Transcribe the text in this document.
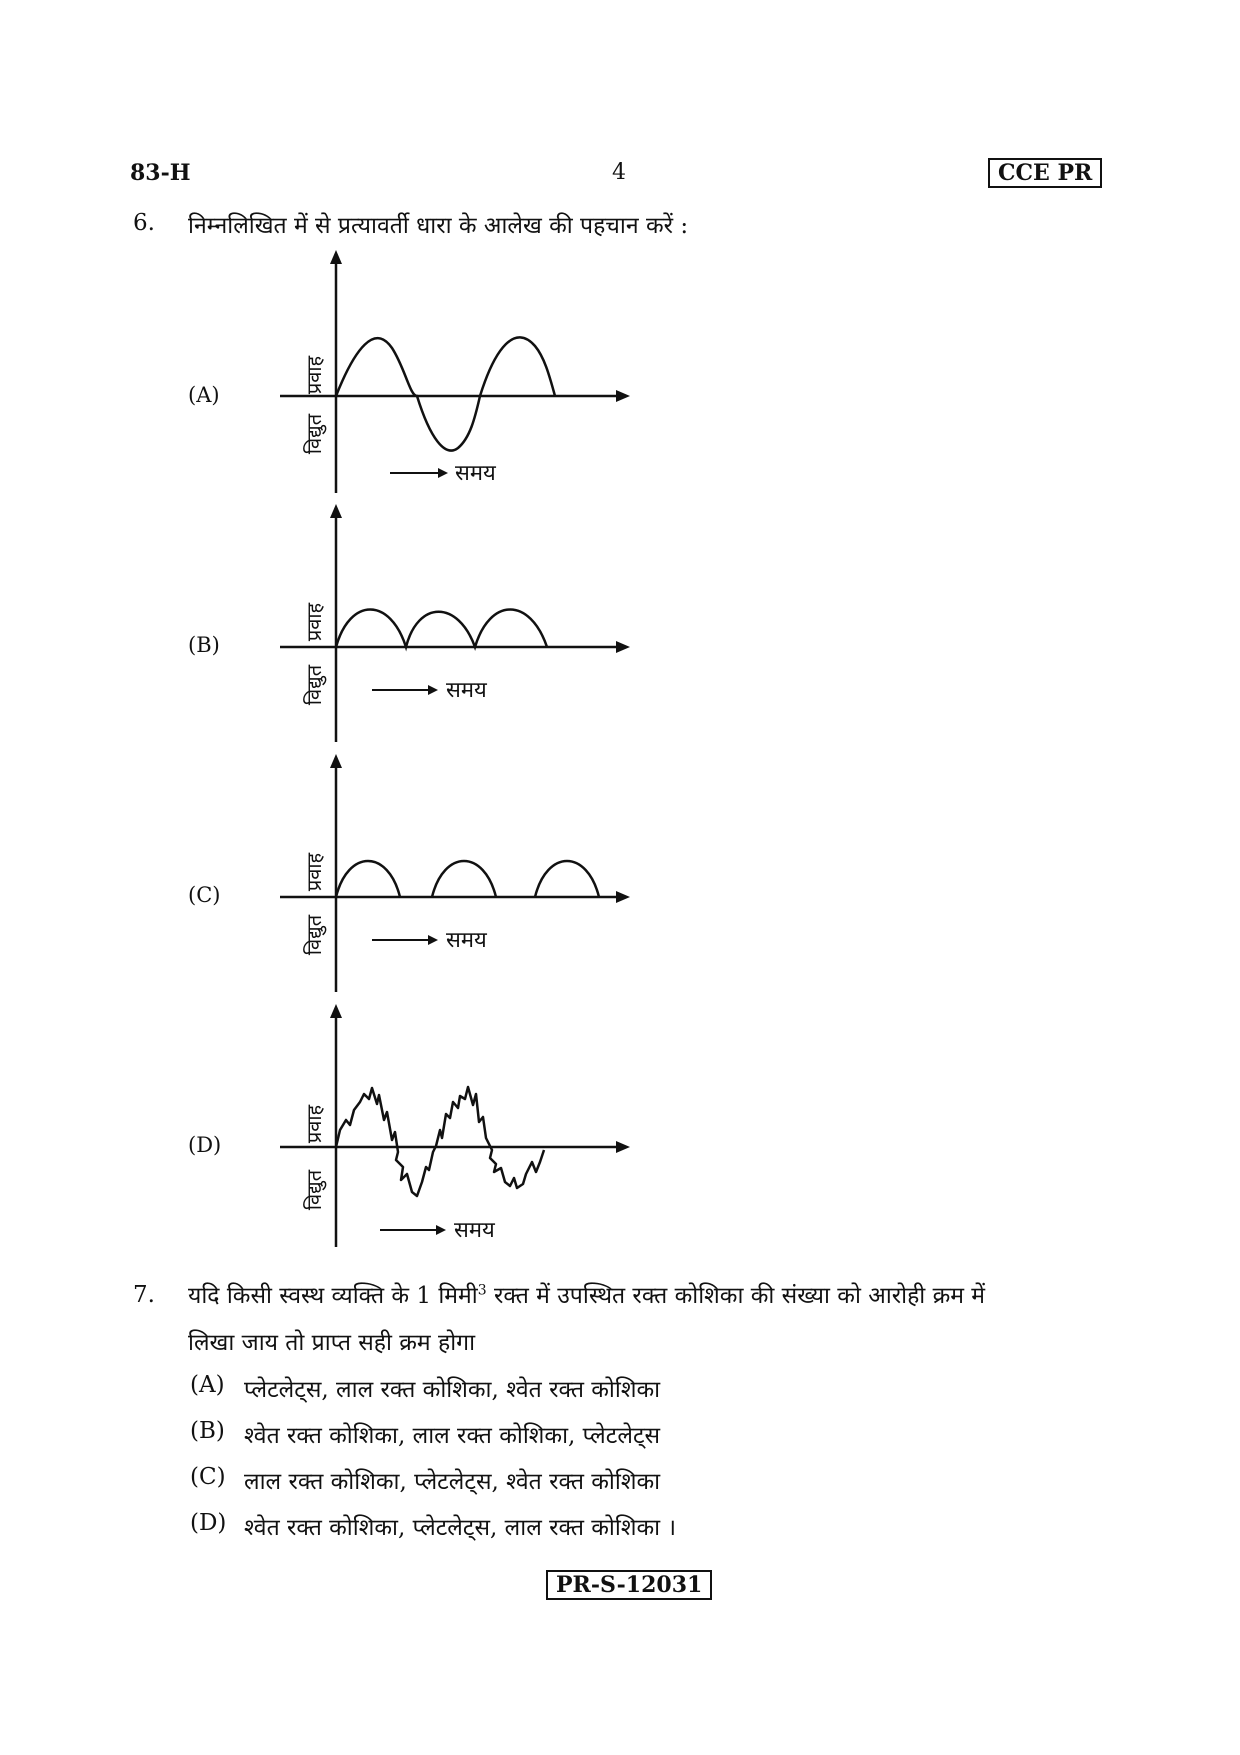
83-H	4	CCE PR
6. निम्नलिखित में से प्रत्यावर्ती धारा के आलेख की पहचान करें :
(A)
प्रवाह
विद्युत
समय
(B)
प्रवाह
विद्युत	समय
(C)
प्रवाह
विद्युत	समय
(D)
प्रवाह
विद्युत
समय
7. यदि किसी स्वस्थ व्यक्ति के 1 मिमी$^3$ रक्त में उपस्थित रक्त कोशिका की संख्या को आरोही क्रम में
लिखा जाय तो प्राप्त सही क्रम होगा
(A) प्लेटलेट्स, लाल रक्त कोशिका, श्वेत रक्त कोशिका
(B) श्वेत रक्त कोशिका, लाल रक्त कोशिका, प्लेटलेट्स
(C) लाल रक्त कोशिका, प्लेटलेट्स, श्वेत रक्त कोशिका
(D) श्वेत रक्त कोशिका, प्लेटलेट्स, लाल रक्त कोशिका ।
PR-S-12031
